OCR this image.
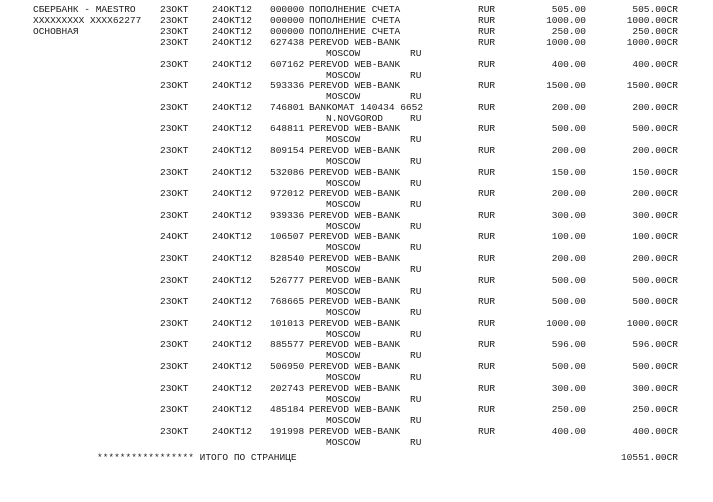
СБЕРБАНК - MAESTRO
XXXXXXXXX XXXX62277
ОСНОВНАЯ
23OKT 24OKT12 000000 ПОПОЛНЕНИЕ СЧЕТА	RUR	505.00	505.00CR
23OKT 24OKT12 000000 ПОПОЛНЕНИЕ СЧЕТА	RUR	1000.00	1000.00CR
23OKT 24OKT12 000000 ПОПОЛНЕНИЕ СЧЕТА	RUR	250.00	250.00CR
23OKT 24OKT12 627438 PEREVOD WEB-BANK	RUR	1000.00	1000.00CR
MOSCOW	RU
23OKT 24OKT12 607162 PEREVOD WEB-BANK	RUR	400.00	400.00CR
MOSCOW	RU
23OKT 24OKT12 593336 PEREVOD WEB-BANK	RUR	1500.00	1500.00CR
MOSCOW	RU
23OKT 24OKT12 746801 BANKOMAT 140434 6652	RUR	200.00	200.00CR
N.NOVGOROD	RU
23OKT 24OKT12 648811 PEREVOD WEB-BANK	RUR	500.00	500.00CR
MOSCOW	RU
23OKT 24OKT12 809154 PEREVOD WEB-BANK	RUR	200.00	200.00CR
MOSCOW	RU
23OKT 24OKT12 532086 PEREVOD WEB-BANK	RUR	150.00	150.00CR
MOSCOW	RU
23OKT 24OKT12 972012 PEREVOD WEB-BANK	RUR	200.00	200.00CR
MOSCOW	RU
23OKT 24OKT12 939336 PEREVOD WEB-BANK	RUR	300.00	300.00CR
MOSCOW	RU
24OKT 24OKT12 106507 PEREVOD WEB-BANK	RUR	100.00	100.00CR
MOSCOW	RU
23OKT 24OKT12 828540 PEREVOD WEB-BANK	RUR	200.00	200.00CR
MOSCOW	RU
23OKT 24OKT12 526777 PEREVOD WEB-BANK	RUR	500.00	500.00CR
MOSCOW	RU
23OKT 24OKT12 768665 PEREVOD WEB-BANK	RUR	500.00	500.00CR
MOSCOW	RU
23OKT 24OKT12 101013 PEREVOD WEB-BANK	RUR	1000.00	1000.00CR
MOSCOW	RU
23OKT 24OKT12 885577 PEREVOD WEB-BANK	RUR	596.00	596.00CR
MOSCOW	RU
23OKT 24OKT12 506950 PEREVOD WEB-BANK	RUR	500.00	500.00CR
MOSCOW	RU
23OKT 24OKT12 202743 PEREVOD WEB-BANK	RUR	300.00	300.00CR
MOSCOW	RU
23OKT 24OKT12 485184 PEREVOD WEB-BANK	RUR	250.00	250.00CR
MOSCOW	RU
23OKT 24OKT12 191998 PEREVOD WEB-BANK	RUR	400.00	400.00CR
MOSCOW	RU
***************** ИТОГО ПО СТРАНИЦЕ	10551.00CR
